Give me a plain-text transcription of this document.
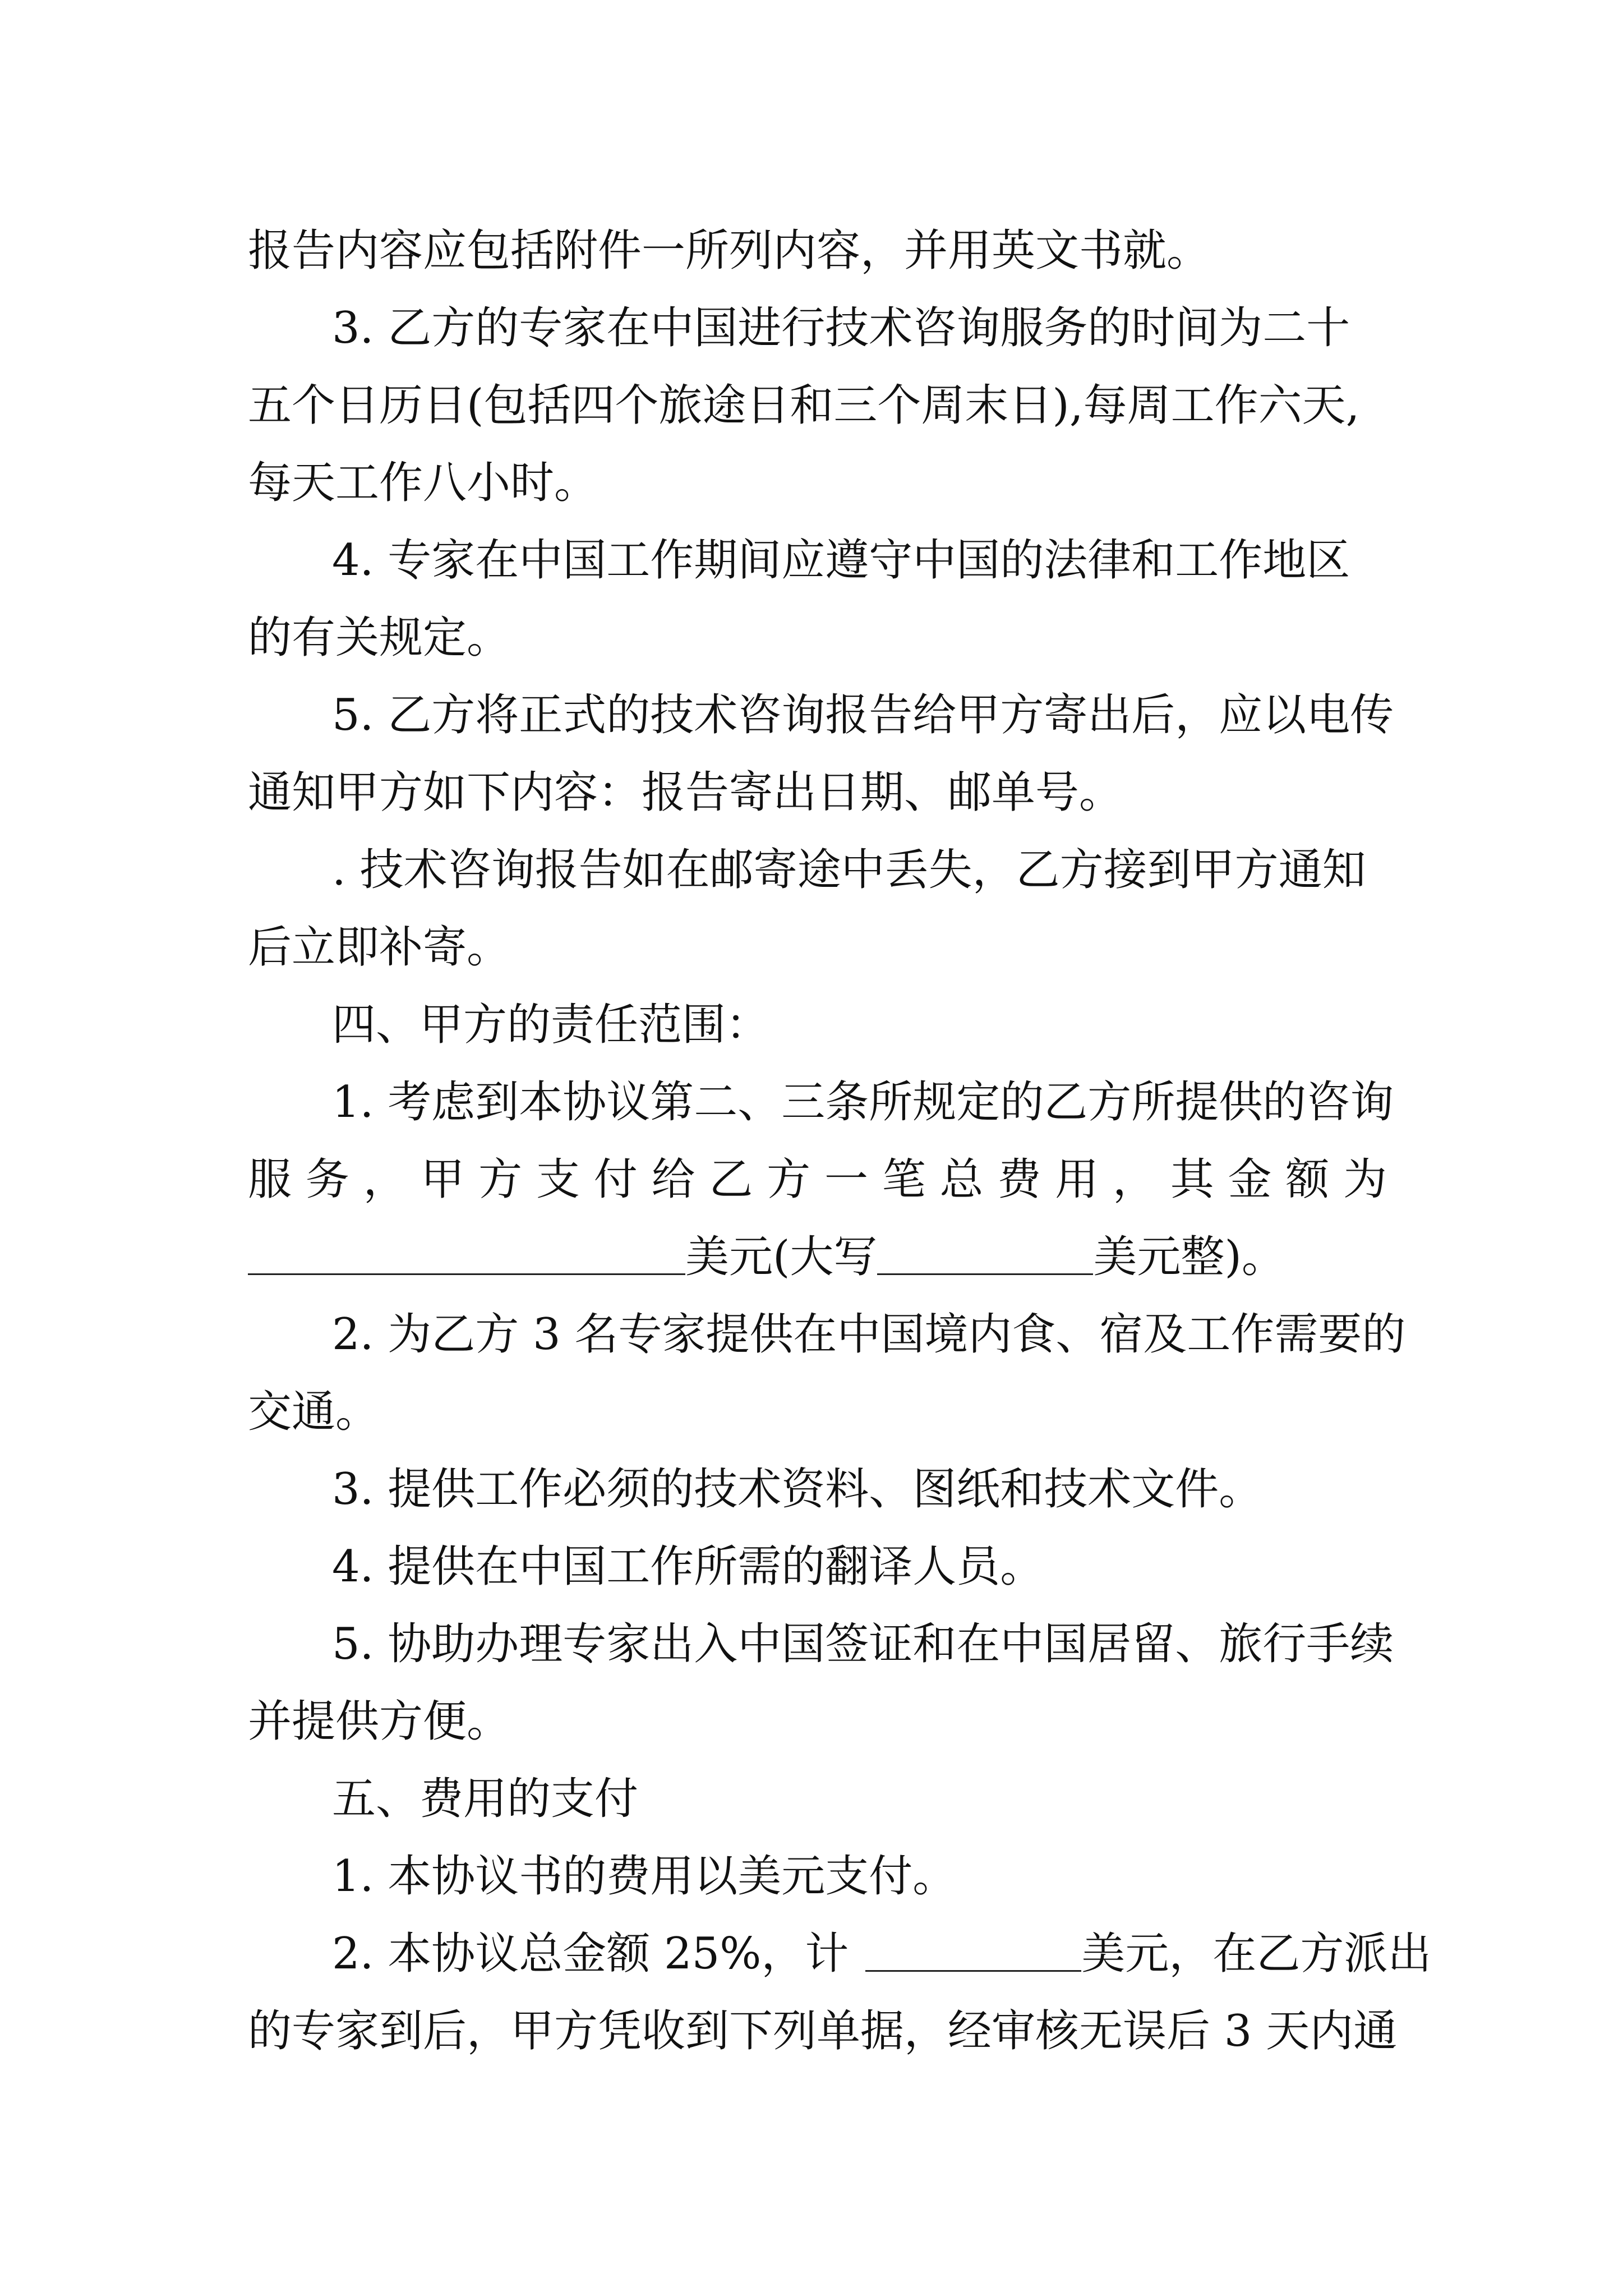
报告内容应包括附件一所列内容，并用英文书就。
3. 乙方的专家在中国进行技术咨询服务的时间为二十
五个日历日(包括四个旅途日和三个周末日),每周工作六天,
每天工作八小时。
4. 专家在中国工作期间应遵守中国的法律和工作地区
的有关规定。
5. 乙方将正式的技术咨询报告给甲方寄出后，应以电传
通知甲方如下内容：报告寄出日期、邮单号。
. 技术咨询报告如在邮寄途中丢失，乙方接到甲方通知
后立即补寄。
四、甲方的责任范围：
1. 考虑到本协议第二、三条所规定的乙方所提供的咨询
服 务 ， 甲 方 支 付 给 乙 方 一 笔 总 费 用 ， 其 金 额 为
美元(大写	美元整)。
2. 为乙方 3 名专家提供在中国境内食、宿及工作需要的
交通。
3. 提供工作必须的技术资料、图纸和技术文件。
4. 提供在中国工作所需的翻译人员。
5. 协助办理专家出入中国签证和在中国居留、旅行手续
并提供方便。
五、费用的支付
1. 本协议书的费用以美元支付。
2. 本协议总金额 25%，计	美元，在乙方派出
的专家到后，甲方凭收到下列单据，经审核无误后 3 天内通
